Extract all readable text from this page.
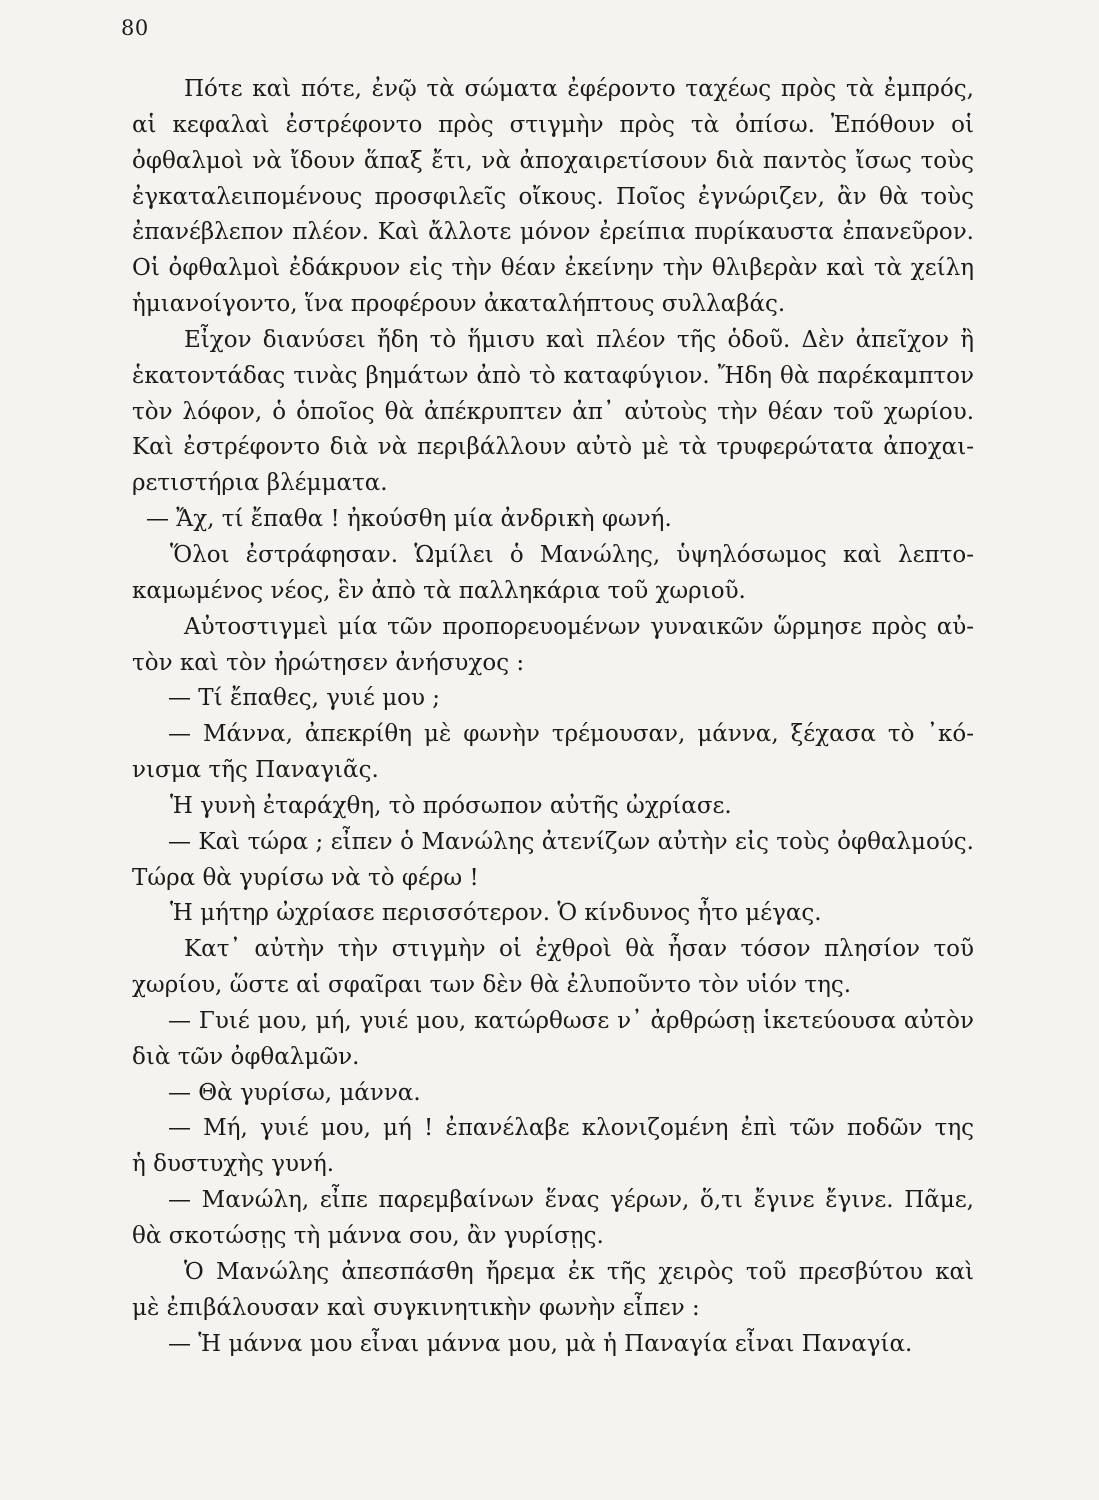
80
Πότε καὶ πότε, ἐνῷ τὰ σώματα ἐφέροντο ταχέως πρὸς τὰ ἐμπρός,
αἱ κεφαλαὶ ἐστρέφοντο πρὸς στιγμὴν πρὸς τὰ ὀπίσω. Ἐπόθουν οἱ
ὀφθαλμοὶ νὰ ἴδουν ἅπαξ ἔτι, νὰ ἀποχαιρετίσουν διὰ παντὸς ἴσως τοὺς
ἐγκαταλειπομένους προσφιλεῖς οἴκους. Ποῖος ἐγνώριζεν, ἂν θὰ τοὺς
ἐπανέβλεπον πλέον. Καὶ ἄλλοτε μόνον ἐρείπια πυρίκαυστα ἐπανεῦρον.
Οἱ ὀφθαλμοὶ ἐδάκρυον εἰς τὴν θέαν ἐκείνην τὴν θλιβερὰν καὶ τὰ χείλη
ἡμιανοίγοντο, ἵνα προφέρουν ἀκαταλήπτους συλλαβάς.
Εἶχον διανύσει ἤδη τὸ ἥμισυ καὶ πλέον τῆς ὁδοῦ. Δὲν ἀπεῖχον ἢ
ἑκατοντάδας τινὰς βημάτων ἀπὸ τὸ καταφύγιον. Ἤδη θὰ παρέκαμπτον
τὸν λόφον, ὁ ὁποῖος θὰ ἀπέκρυπτεν ἀπ᾽ αὐτοὺς τὴν θέαν τοῦ χωρίου.
Καὶ ἐστρέφοντο διὰ νὰ περιβάλλουν αὐτὸ μὲ τὰ τρυφερώτατα ἀποχαι-
ρετιστήρια βλέμματα.
— Ἄχ, τί ἔπαθα ! ἠκούσθη μία ἀνδρικὴ φωνή.
Ὅλοι ἐστράφησαν. Ὡμίλει ὁ Μανώλης, ὑψηλόσωμος καὶ λεπτο-
καμωμένος νέος, ἓν ἀπὸ τὰ παλληκάρια τοῦ χωριοῦ.
Αὐτοστιγμεὶ μία τῶν προπορευομένων γυναικῶν ὥρμησε πρὸς αὐ-
τὸν καὶ τὸν ἠρώτησεν ἀνήσυχος :
— Τί ἔπαθες, γυιέ μου ;
— Μάννα, ἀπεκρίθη μὲ φωνὴν τρέμουσαν, μάννα, ξέχασα τὸ ᾽κό-
νισμα τῆς Παναγιᾶς.
Ἡ γυνὴ ἐταράχθη, τὸ πρόσωπον αὐτῆς ὠχρίασε.
— Καὶ τώρα ; εἶπεν ὁ Μανώλης ἀτενίζων αὐτὴν εἰς τοὺς ὀφθαλμούς.
Τώρα θὰ γυρίσω νὰ τὸ φέρω !
Ἡ μήτηρ ὠχρίασε περισσότερον. Ὁ κίνδυνος ἦτο μέγας.
Κατ᾽ αὐτὴν τὴν στιγμὴν οἱ ἐχθροὶ θὰ ἦσαν τόσον πλησίον τοῦ
χωρίου, ὥστε αἱ σφαῖραι των δὲν θὰ ἐλυποῦντο τὸν υἱόν της.
— Γυιέ μου, μή, γυιέ μου, κατώρθωσε ν᾽ ἀρθρώσῃ ἱκετεύουσα αὐτὸν
διὰ τῶν ὀφθαλμῶν.
— Θὰ γυρίσω, μάννα.
— Μή, γυιέ μου, μή ! ἐπανέλαβε κλονιζομένη ἐπὶ τῶν ποδῶν της
ἡ δυστυχὴς γυνή.
— Μανώλη, εἶπε παρεμβαίνων ἕνας γέρων, ὅ,τι ἔγινε ἔγινε. Πᾶμε,
θὰ σκοτώσῃς τὴ μάννα σου, ἂν γυρίσῃς.
Ὁ Μανώλης ἀπεσπάσθη ἤρεμα ἐκ τῆς χειρὸς τοῦ πρεσβύτου καὶ
μὲ ἐπιβάλουσαν καὶ συγκινητικὴν φωνὴν εἶπεν :
— Ἡ μάννα μου εἶναι μάννα μου, μὰ ἡ Παναγία εἶναι Παναγία.
